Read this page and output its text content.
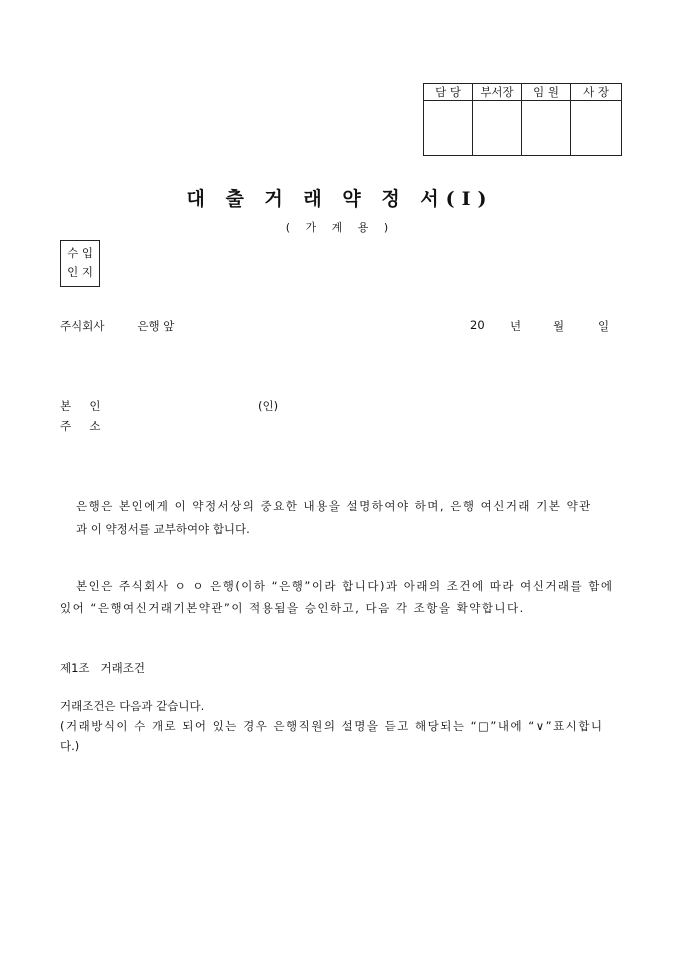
담 당	부서장	임 원	사 장

대 출 거 래 약 정 서(Ⅰ)
( 가 계 용 )
수 입
인 지
주식회사         은행 앞	20 년	월	일
본     인	(인)
주     소
은행은 본인에게 이 약정서상의 중요한 내용을 설명하여야 하며, 은행 여신거래 기본 약관
과 이 약정서를 교부하여야 합니다.
본인은 주식회사 ㅇ ㅇ 은행(이하 “은행”이라 합니다)과 아래의 조건에 따라 여신거래를 함에
있어 “은행여신거래기본약관”이 적용됨을 승인하고, 다음 각 조항을 확약합니다.
제1조   거래조건
거래조건은 다음과 같습니다.
(거래방식이 수 개로 되어 있는 경우 은행직원의 설명을 듣고 해당되는 “□”내에 “∨”표시합니
다.)
